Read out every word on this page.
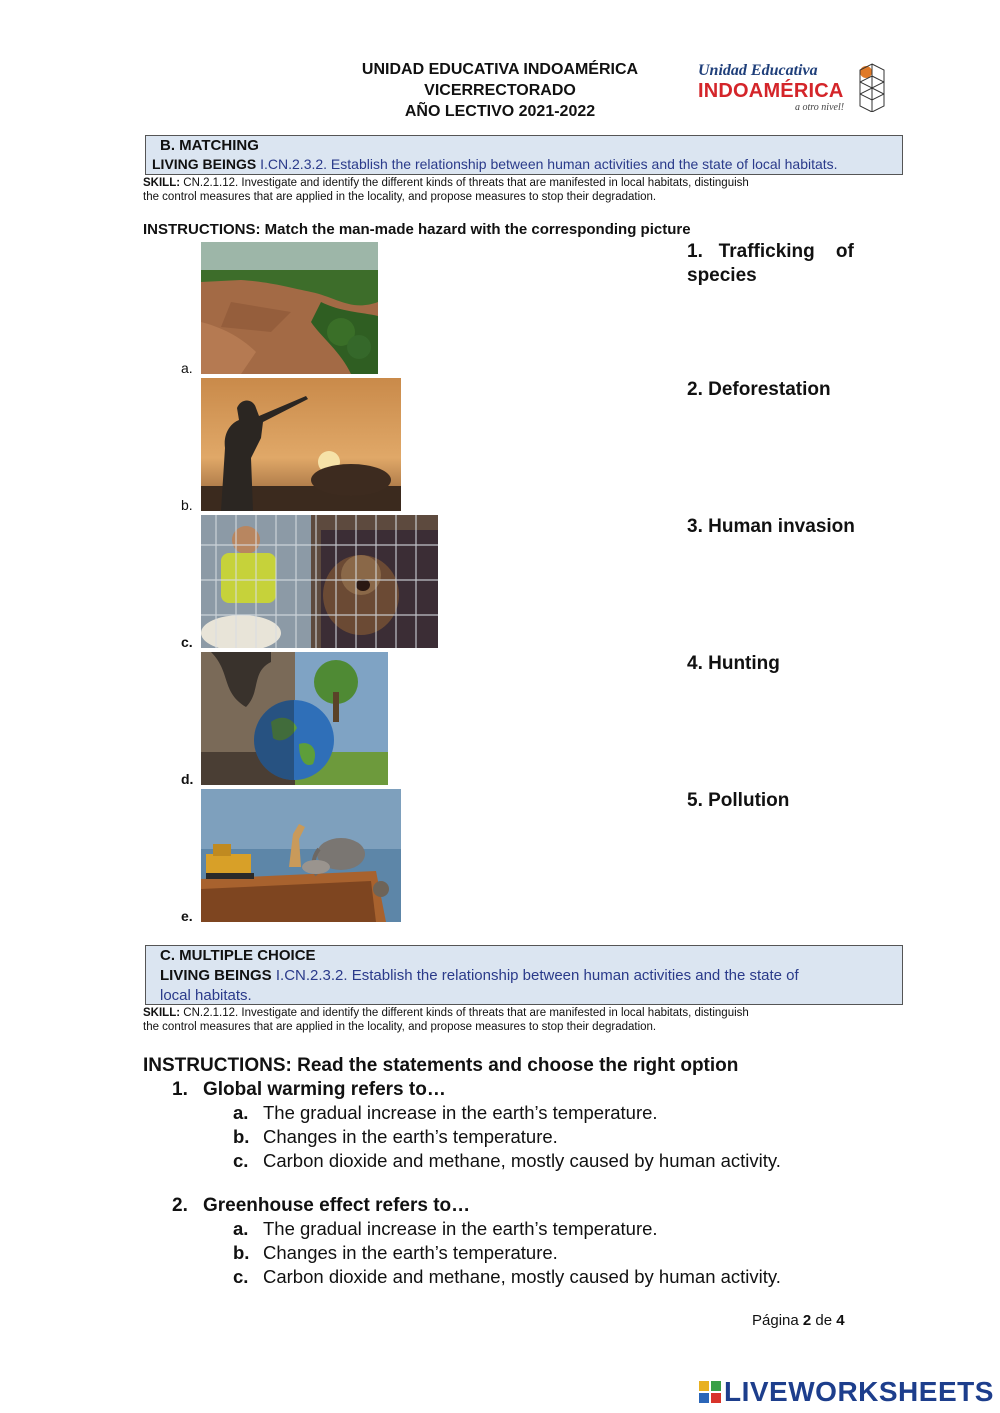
UNIDAD EDUCATIVA INDOAMÉRICA
VICERRECTORADO
AÑO LECTIVO 2021-2022
Unidad Educativa
INDOAMÉRICA
a otro nivel!
B. MATCHING
LIVING BEINGS I.CN.2.3.2. Establish the relationship between human activities and the state of local habitats.
SKILL: CN.2.1.12. Investigate and identify the different kinds of threats that are manifested in local habitats, distinguish
the control measures that are applied in the locality, and propose measures to stop their degradation.
INSTRUCTIONS: Match the man-made hazard with the corresponding picture
a.
b.
c.
d.
e.
1.   Trafficking    of
species
2. Deforestation
3. Human invasion
4. Hunting
5. Pollution
C. MULTIPLE CHOICE
LIVING BEINGS I.CN.2.3.2. Establish the relationship between human activities and the state of
local habitats.
SKILL: CN.2.1.12. Investigate and identify the different kinds of threats that are manifested in local habitats, distinguish
the control measures that are applied in the locality, and propose measures to stop their degradation.
INSTRUCTIONS: Read the statements and choose the right option
1. Global warming refers to…
a. The gradual increase in the earth’s temperature.
b. Changes in the earth’s temperature.
c. Carbon dioxide and methane, mostly caused by human activity.
2. Greenhouse effect refers to…
a. The gradual increase in the earth’s temperature.
b. Changes in the earth’s temperature.
c. Carbon dioxide and methane, mostly caused by human activity.
Página 2 de 4
LIVEWORKSHEETS
